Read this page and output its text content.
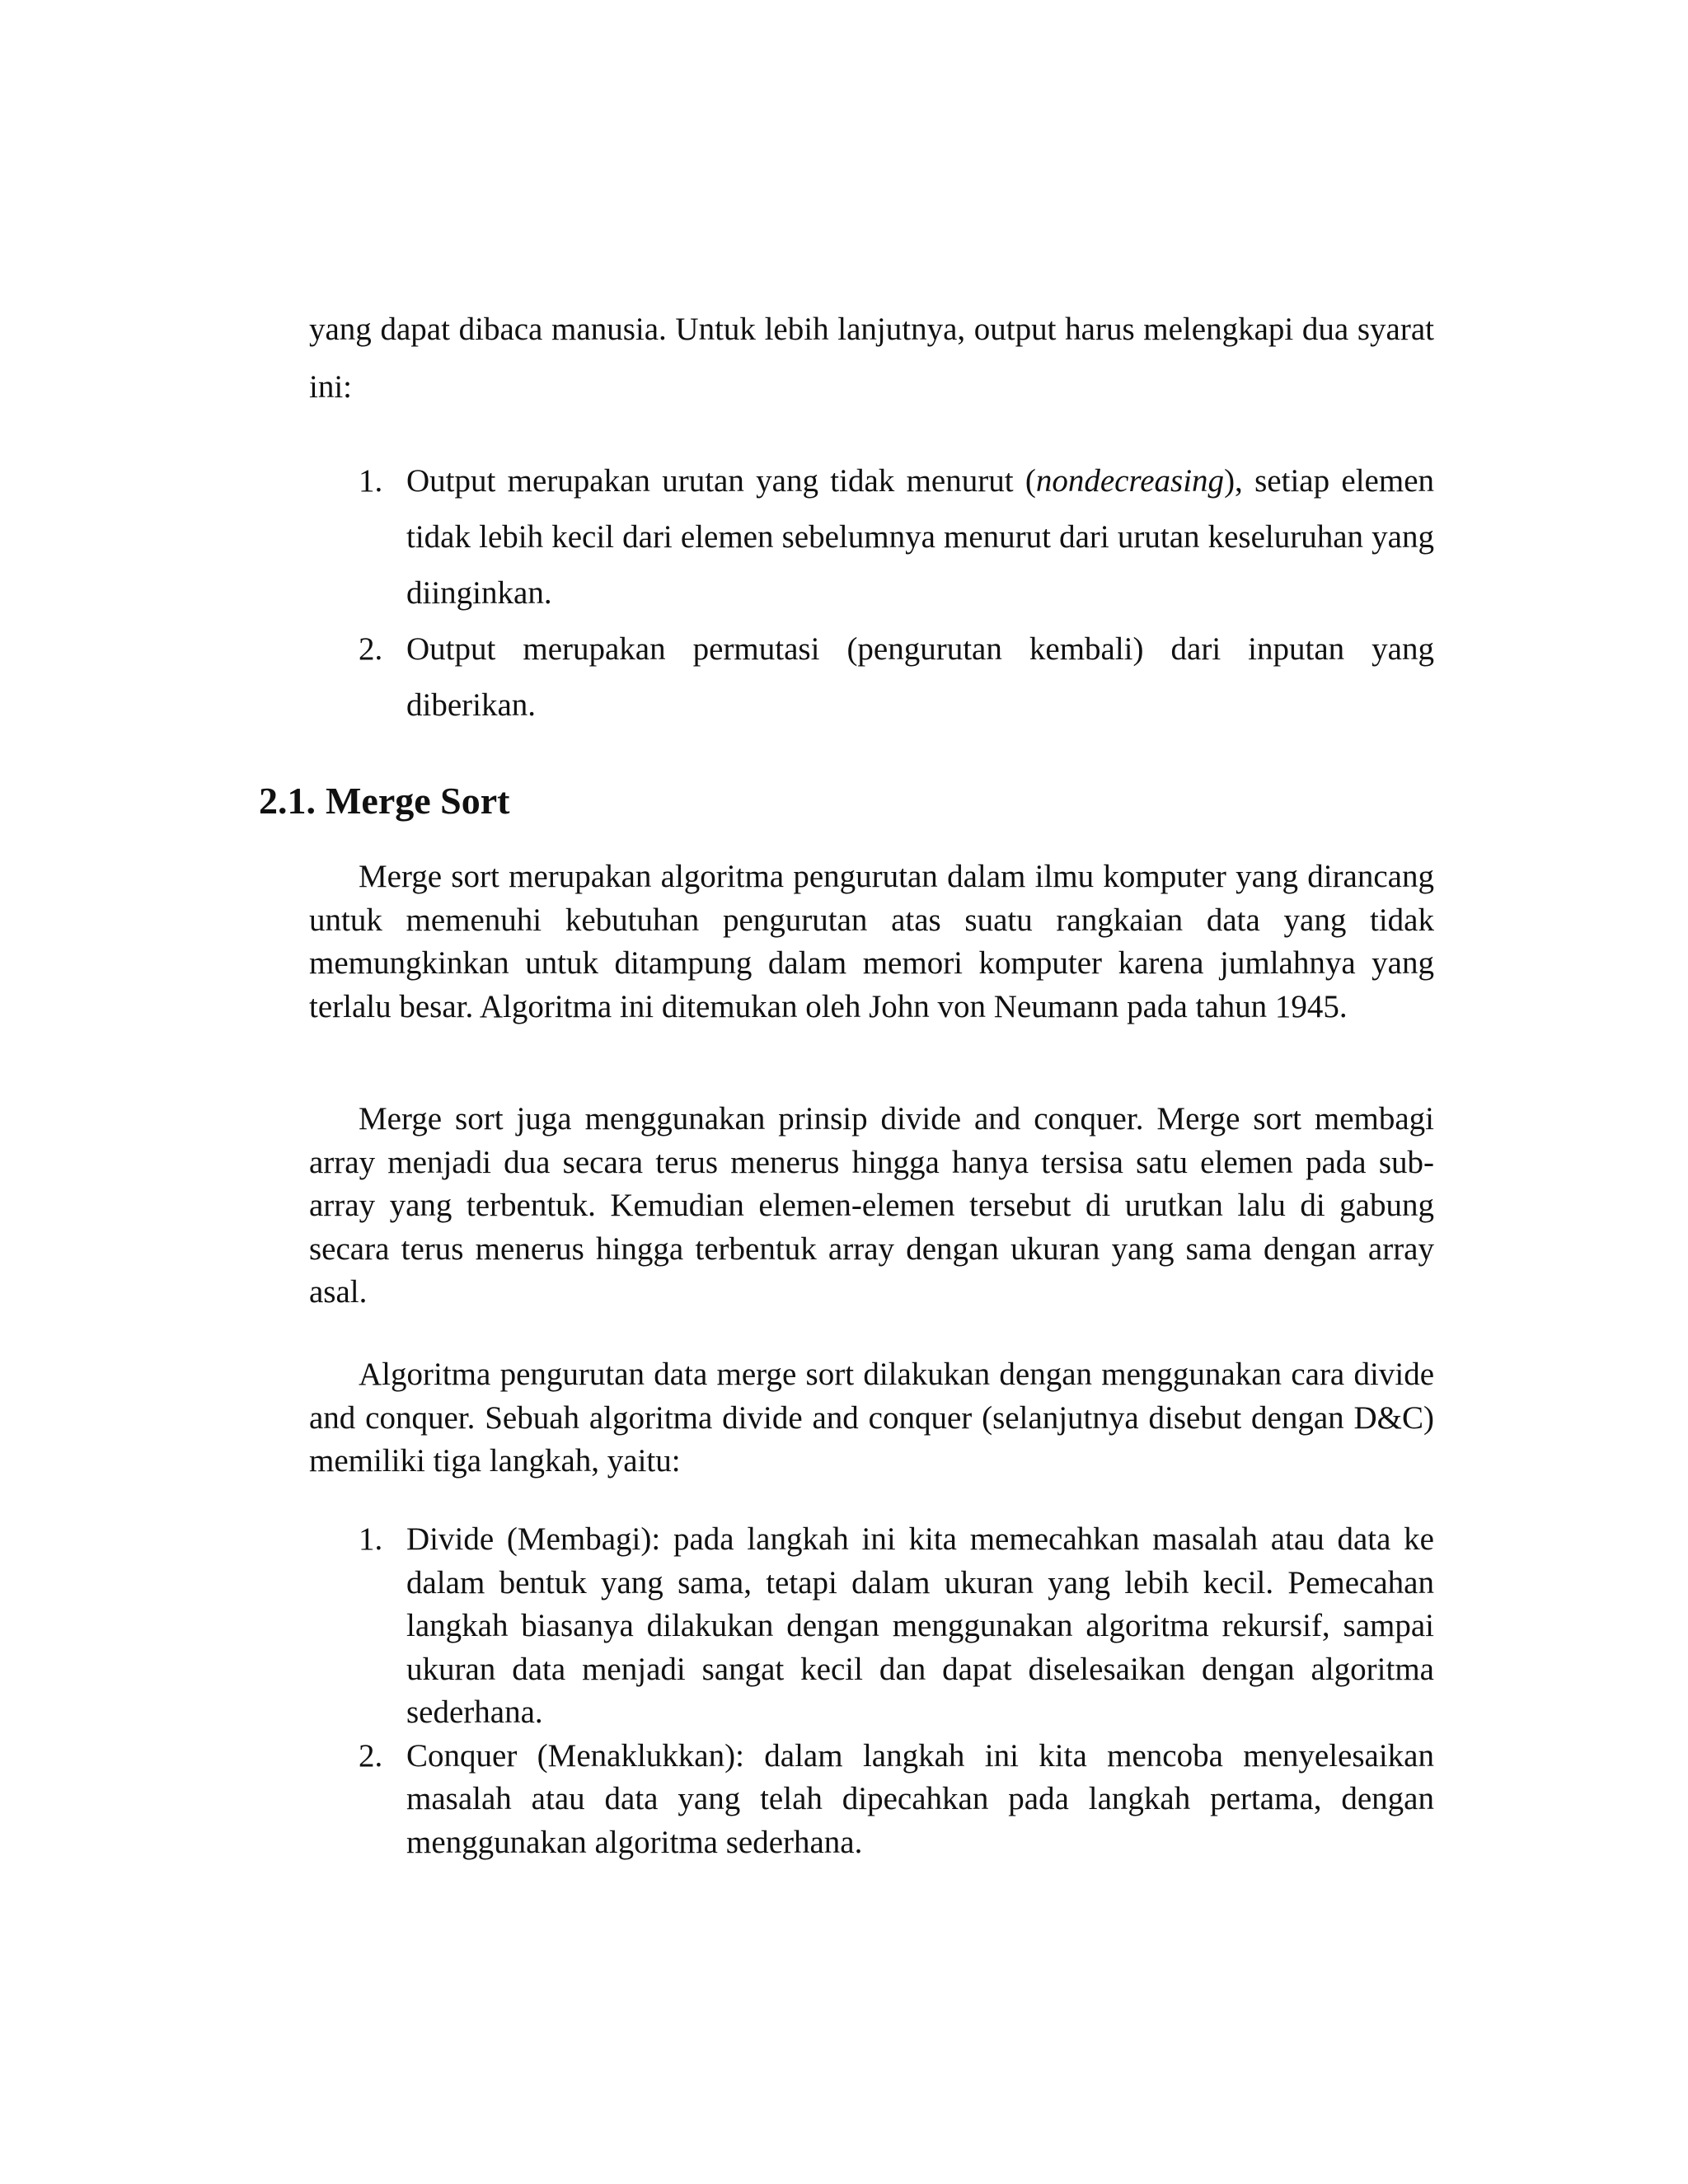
yang dapat dibaca manusia. Untuk lebih lanjutnya, output harus melengkapi dua syarat ini:

1. Output merupakan urutan yang tidak menurut (nondecreasing), setiap elemen tidak lebih kecil dari elemen sebelumnya menurut dari urutan keseluruhan yang diinginkan.
2. Output merupakan permutasi (pengurutan kembali) dari inputan yang diberikan.
2.1. Merge Sort

Merge sort merupakan algoritma pengurutan dalam ilmu komputer yang dirancang untuk memenuhi kebutuhan pengurutan atas suatu rangkaian data yang tidak memungkinkan untuk ditampung dalam memori komputer karena jumlahnya yang terlalu besar. Algoritma ini ditemukan oleh John von Neumann pada tahun 1945.

Merge sort juga menggunakan prinsip divide and conquer. Merge sort membagi array menjadi dua secara terus menerus hingga hanya tersisa satu elemen pada sub-array yang terbentuk. Kemudian elemen-elemen tersebut di urutkan lalu di gabung secara terus menerus hingga terbentuk array dengan ukuran yang sama dengan array asal.

Algoritma pengurutan data merge sort dilakukan dengan menggunakan cara divide and conquer. Sebuah algoritma divide and conquer (selanjutnya disebut dengan D&C) memiliki tiga langkah, yaitu:

1. Divide (Membagi): pada langkah ini kita memecahkan masalah atau data ke dalam bentuk yang sama, tetapi dalam ukuran yang lebih kecil. Pemecahan langkah biasanya dilakukan dengan menggunakan algoritma rekursif, sampai ukuran data menjadi sangat kecil dan dapat diselesaikan dengan algoritma sederhana.
2. Conquer (Menaklukkan): dalam langkah ini kita mencoba menyelesaikan masalah atau data yang telah dipecahkan pada langkah pertama, dengan menggunakan algoritma sederhana.
